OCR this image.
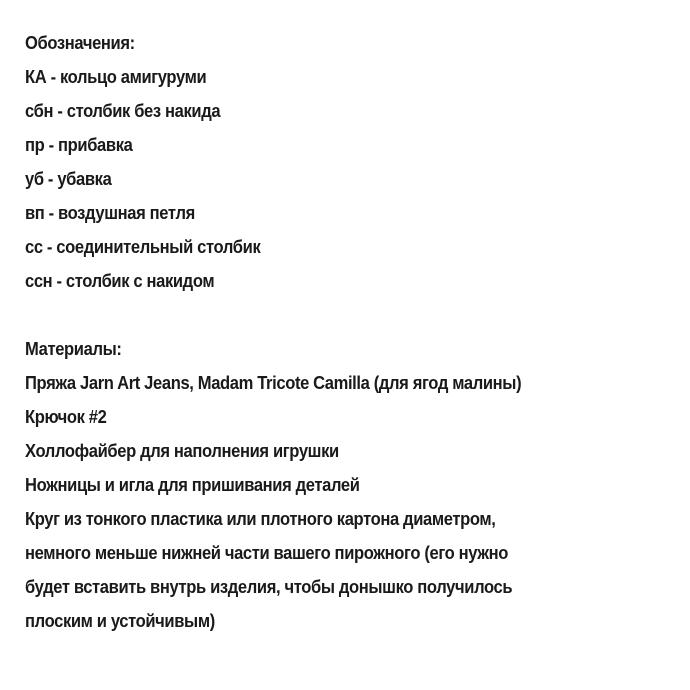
Обозначения:
КА - кольцо амигуруми
сбн - столбик без накида
пр - прибавка
уб - убавка
вп - воздушная петля
сс - соединительный столбик
ссн - столбик с накидом
Материалы:
Пряжа Jarn Art Jeans, Madam Tricote Camilla (для ягод малины)
Крючок #2
Холлофайбер для наполнения игрушки
Ножницы и игла для пришивания деталей
Круг из тонкого пластика или плотного картона диаметром,
немного меньше нижней части вашего пирожного (его нужно
будет вставить внутрь изделия, чтобы донышко получилось
плоским и устойчивым)
